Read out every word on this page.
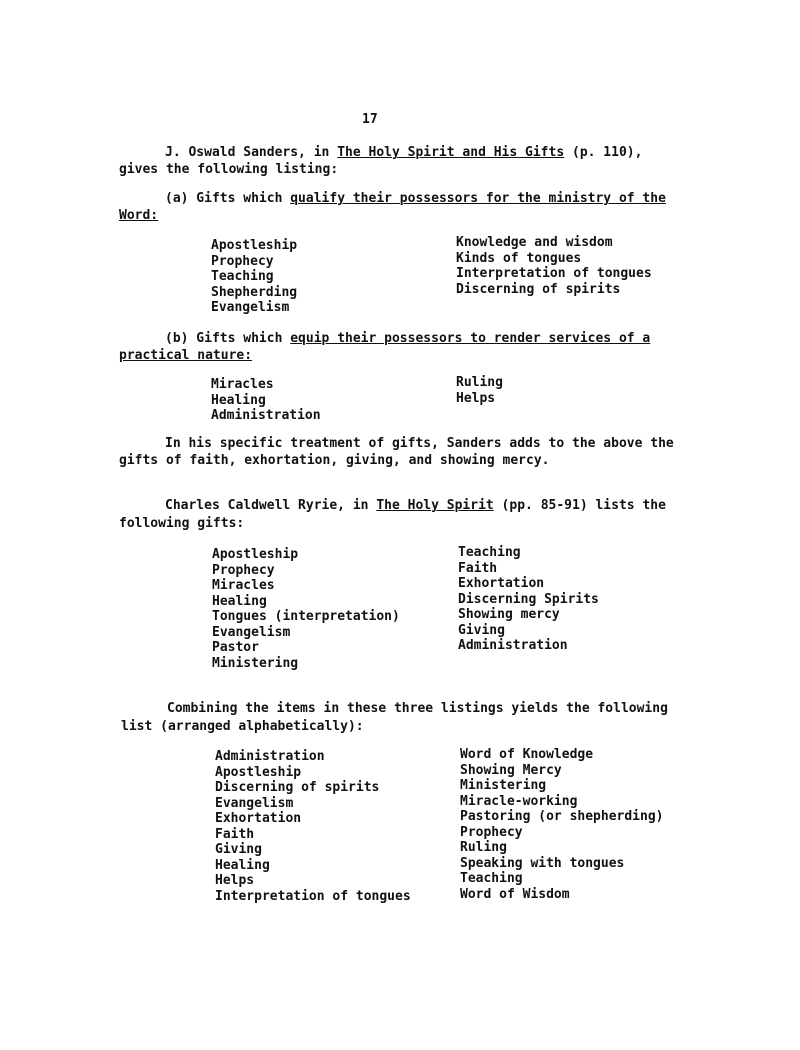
17
J. Oswald Sanders, in The Holy Spirit and His Gifts (p. 110),
gives the following listing:
(a) Gifts which qualify their possessors for the ministry of the
Word:
Apostleship
Prophecy
Teaching
Shepherding
Evangelism
Knowledge and wisdom
Kinds of tongues
Interpretation of tongues
Discerning of spirits
(b) Gifts which equip their possessors to render services of a
practical nature:
Miracles
Healing
Administration
Ruling
Helps
In his specific treatment of gifts, Sanders adds to the above the
gifts of faith, exhortation, giving, and showing mercy.
Charles Caldwell Ryrie, in The Holy Spirit (pp. 85-91) lists the
following gifts:
Apostleship
Prophecy
Miracles
Healing
Tongues (interpretation)
Evangelism
Pastor
Ministering
Teaching
Faith
Exhortation
Discerning Spirits
Showing mercy
Giving
Administration
Combining the items in these three listings yields the following
list (arranged alphabetically):
Administration
Apostleship
Discerning of spirits
Evangelism
Exhortation
Faith
Giving
Healing
Helps
Interpretation of tongues
Word of Knowledge
Showing Mercy
Ministering
Miracle-working
Pastoring (or shepherding)
Prophecy
Ruling
Speaking with tongues
Teaching
Word of Wisdom
